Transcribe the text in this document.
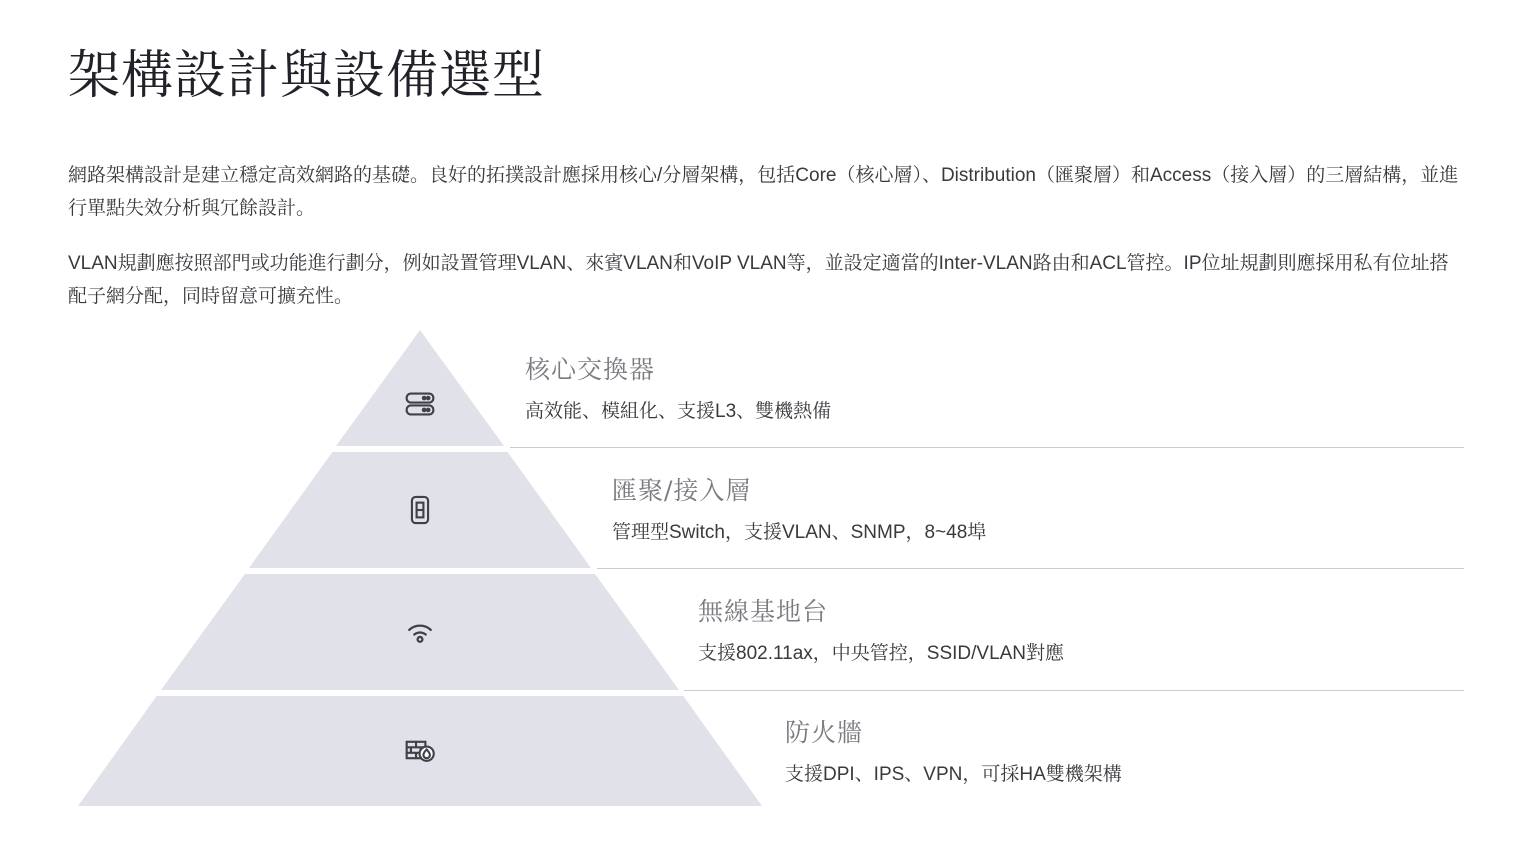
架構設計與設備選型

網路架構設計是建立穩定高效網路的基礎。良好的拓撲設計應採用核心/分層架構，包括Core（核心層）、Distribution（匯聚層）和Access（接入層）的三層結構，並進行單點失效分析與冗餘設計。

VLAN規劃應按照部門或功能進行劃分，例如設置管理VLAN、來賓VLAN和VoIP VLAN等，並設定適當的Inter-VLAN路由和ACL管控。IP位址規劃則應採用私有位址搭配子網分配，同時留意可擴充性。

核心交換器
高效能、模組化、支援L3、雙機熱備
匯聚/接入層
管理型Switch，支援VLAN、SNMP，8~48埠
無線基地台
支援802.11ax，中央管控，SSID/VLAN對應
防火牆
支援DPI、IPS、VPN，可採HA雙機架構
